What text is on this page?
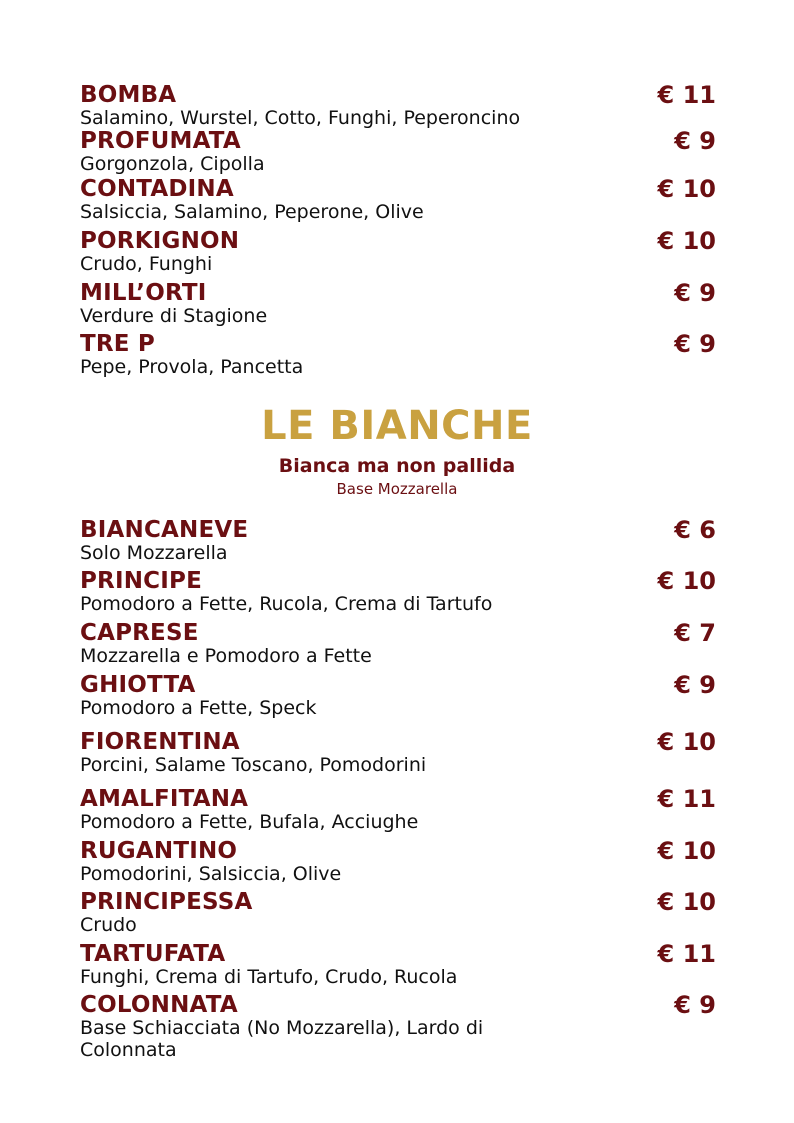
BOMBA
Salamino, Wurstel, Cotto, Funghi, Peperoncino
€ 11
PROFUMATA
Gorgonzola, Cipolla
€ 9
CONTADINA
Salsiccia, Salamino, Peperone, Olive
€ 10
PORKIGNON
Crudo, Funghi
€ 10
MILL’ORTI
Verdure di Stagione
€ 9
TRE P
Pepe, Provola, Pancetta
€ 9
LE BIANCHE
Bianca ma non pallida
Base Mozzarella
BIANCANEVE
Solo Mozzarella
€ 6
PRINCIPE
Pomodoro a Fette, Rucola, Crema di Tartufo
€ 10
CAPRESE
Mozzarella e Pomodoro a Fette
€ 7
GHIOTTA
Pomodoro a Fette, Speck
€ 9
FIORENTINA
Porcini, Salame Toscano, Pomodorini
€ 10
AMALFITANA
Pomodoro a Fette, Bufala, Acciughe
€ 11
RUGANTINO
Pomodorini, Salsiccia, Olive
€ 10
PRINCIPESSA
Crudo
€ 10
TARTUFATA
Funghi, Crema di Tartufo, Crudo, Rucola
€ 11
COLONNATA
Base Schiacciata (No Mozzarella), Lardo di Colonnata
€ 9
